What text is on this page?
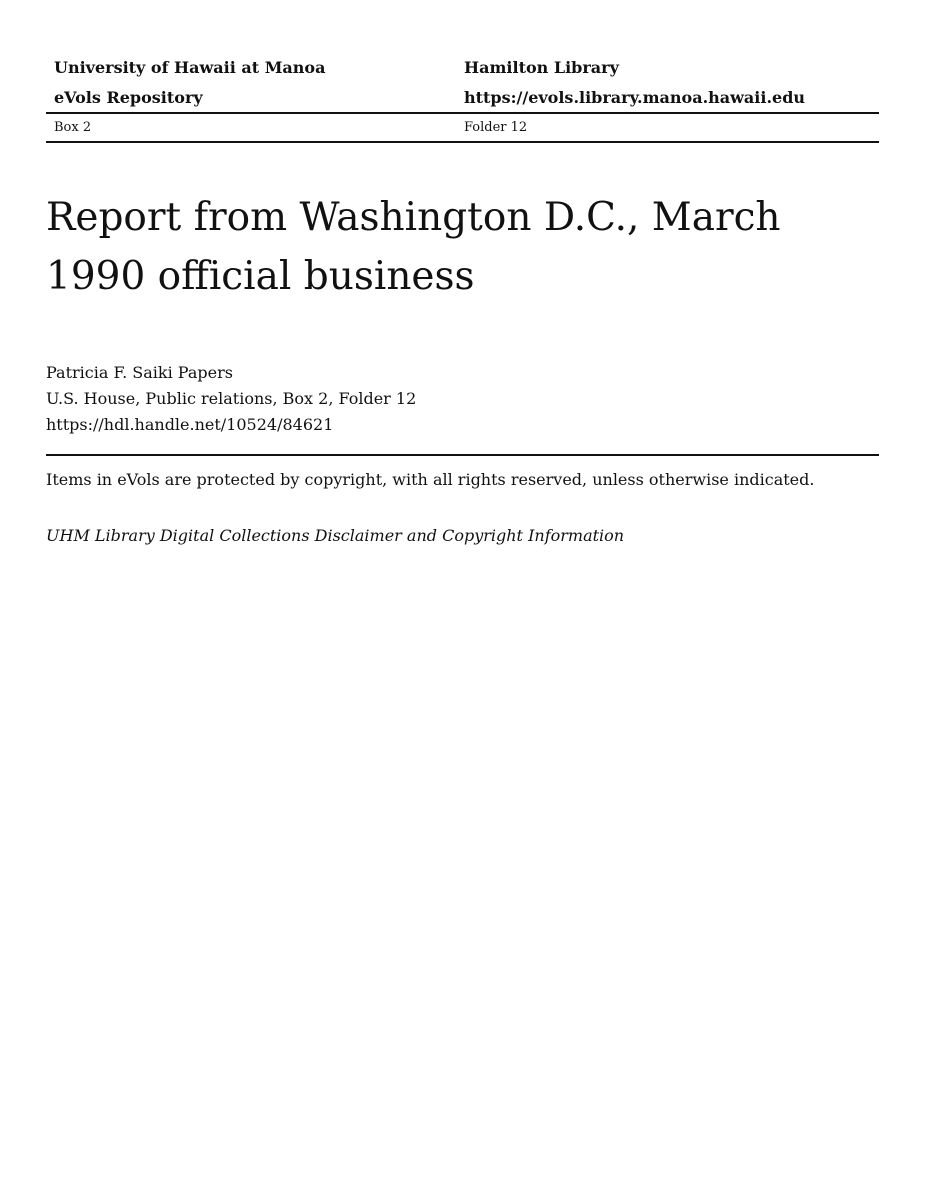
University of Hawaii at Manoa	Hamilton Library
eVols Repository	https://evols.library.manoa.hawaii.edu
Box 2	Folder 12
Report from Washington D.C., March 1990 official business
Patricia F. Saiki Papers
U.S. House, Public relations, Box 2, Folder 12
https://hdl.handle.net/10524/84621
Items in eVols are protected by copyright, with all rights reserved, unless otherwise indicated.
UHM Library Digital Collections Disclaimer and Copyright Information
